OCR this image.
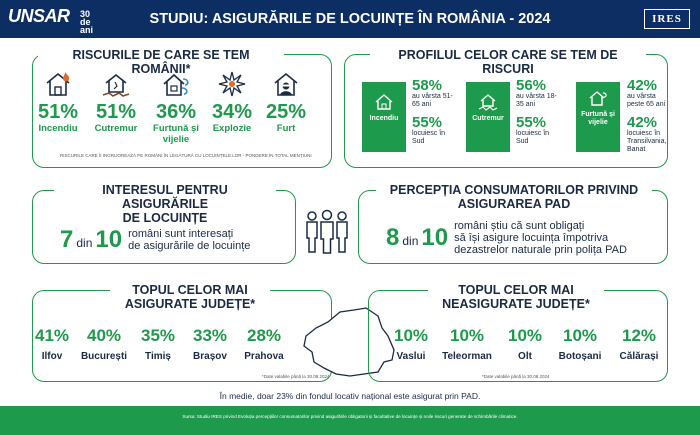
UNSAR 30 de ani
STUDIU: ASIGURĂRILE DE LOCUINȚE ÎN ROMÂNIA - 2024	IRES
RISCURILE DE CARE SE TEM ROMÂNII*
51%
Incendiu
51%
Cutremur
36%
Furtună și vijelie
34%
Explozie
25%
Furt
RISCURILE CARE ÎI INGRIJOREAZĂ PE ROMÂNI ÎN LEGĂTURĂ CU LOCUINȚELE LOR - PONDERE ÎN TOTAL MENȚIUNI
PROFILUL CELOR CARE SE TEM DE RISCURI
Incendiu
58%
au vârsta 51-65 ani
55%
locuiesc în Sud
Cutremur
56%
au vârsta 18-35 ani
55%
locuiesc în Sud
Furtună și vijelie
42%
au vârsta peste 65 ani
42%
locuiesc în Transilvania, Banat
INTERESUL PENTRU ASIGURĂRILE
DE LOCUINȚE
7 din 10 români sunt interesați
de asigurările de locuințe
PERCEPȚIA CONSUMATORILOR PRIVIND
ASIGURAREA PAD
8 din 10 români știu că sunt obligați
să își asigure locuința împotriva
dezastrelor naturale prin polița PAD
TOPUL CELOR MAI
ASIGURATE JUDEȚE*
41%
Ilfov
40%
București
35%
Timiș
33%
Brașov
28%
Prahova
*Date valabile până la 30.08.2024
TOPUL CELOR MAI
NEASIGURATE JUDEȚE*
10%
Vaslui
10%
Teleorman
10%
Olt
10%
Botoșani
12%
Călărași
*Date valabile până la 30.08.2024
În medie, doar 23% din fondul locativ național este asigurat prin PAD.
Sursa: Studiu IRES privind Evoluția percepțiilor consumatorilor privind asigurările obligatorii și facultative de locuințe și noile riscuri generate de schimbările climatice.
